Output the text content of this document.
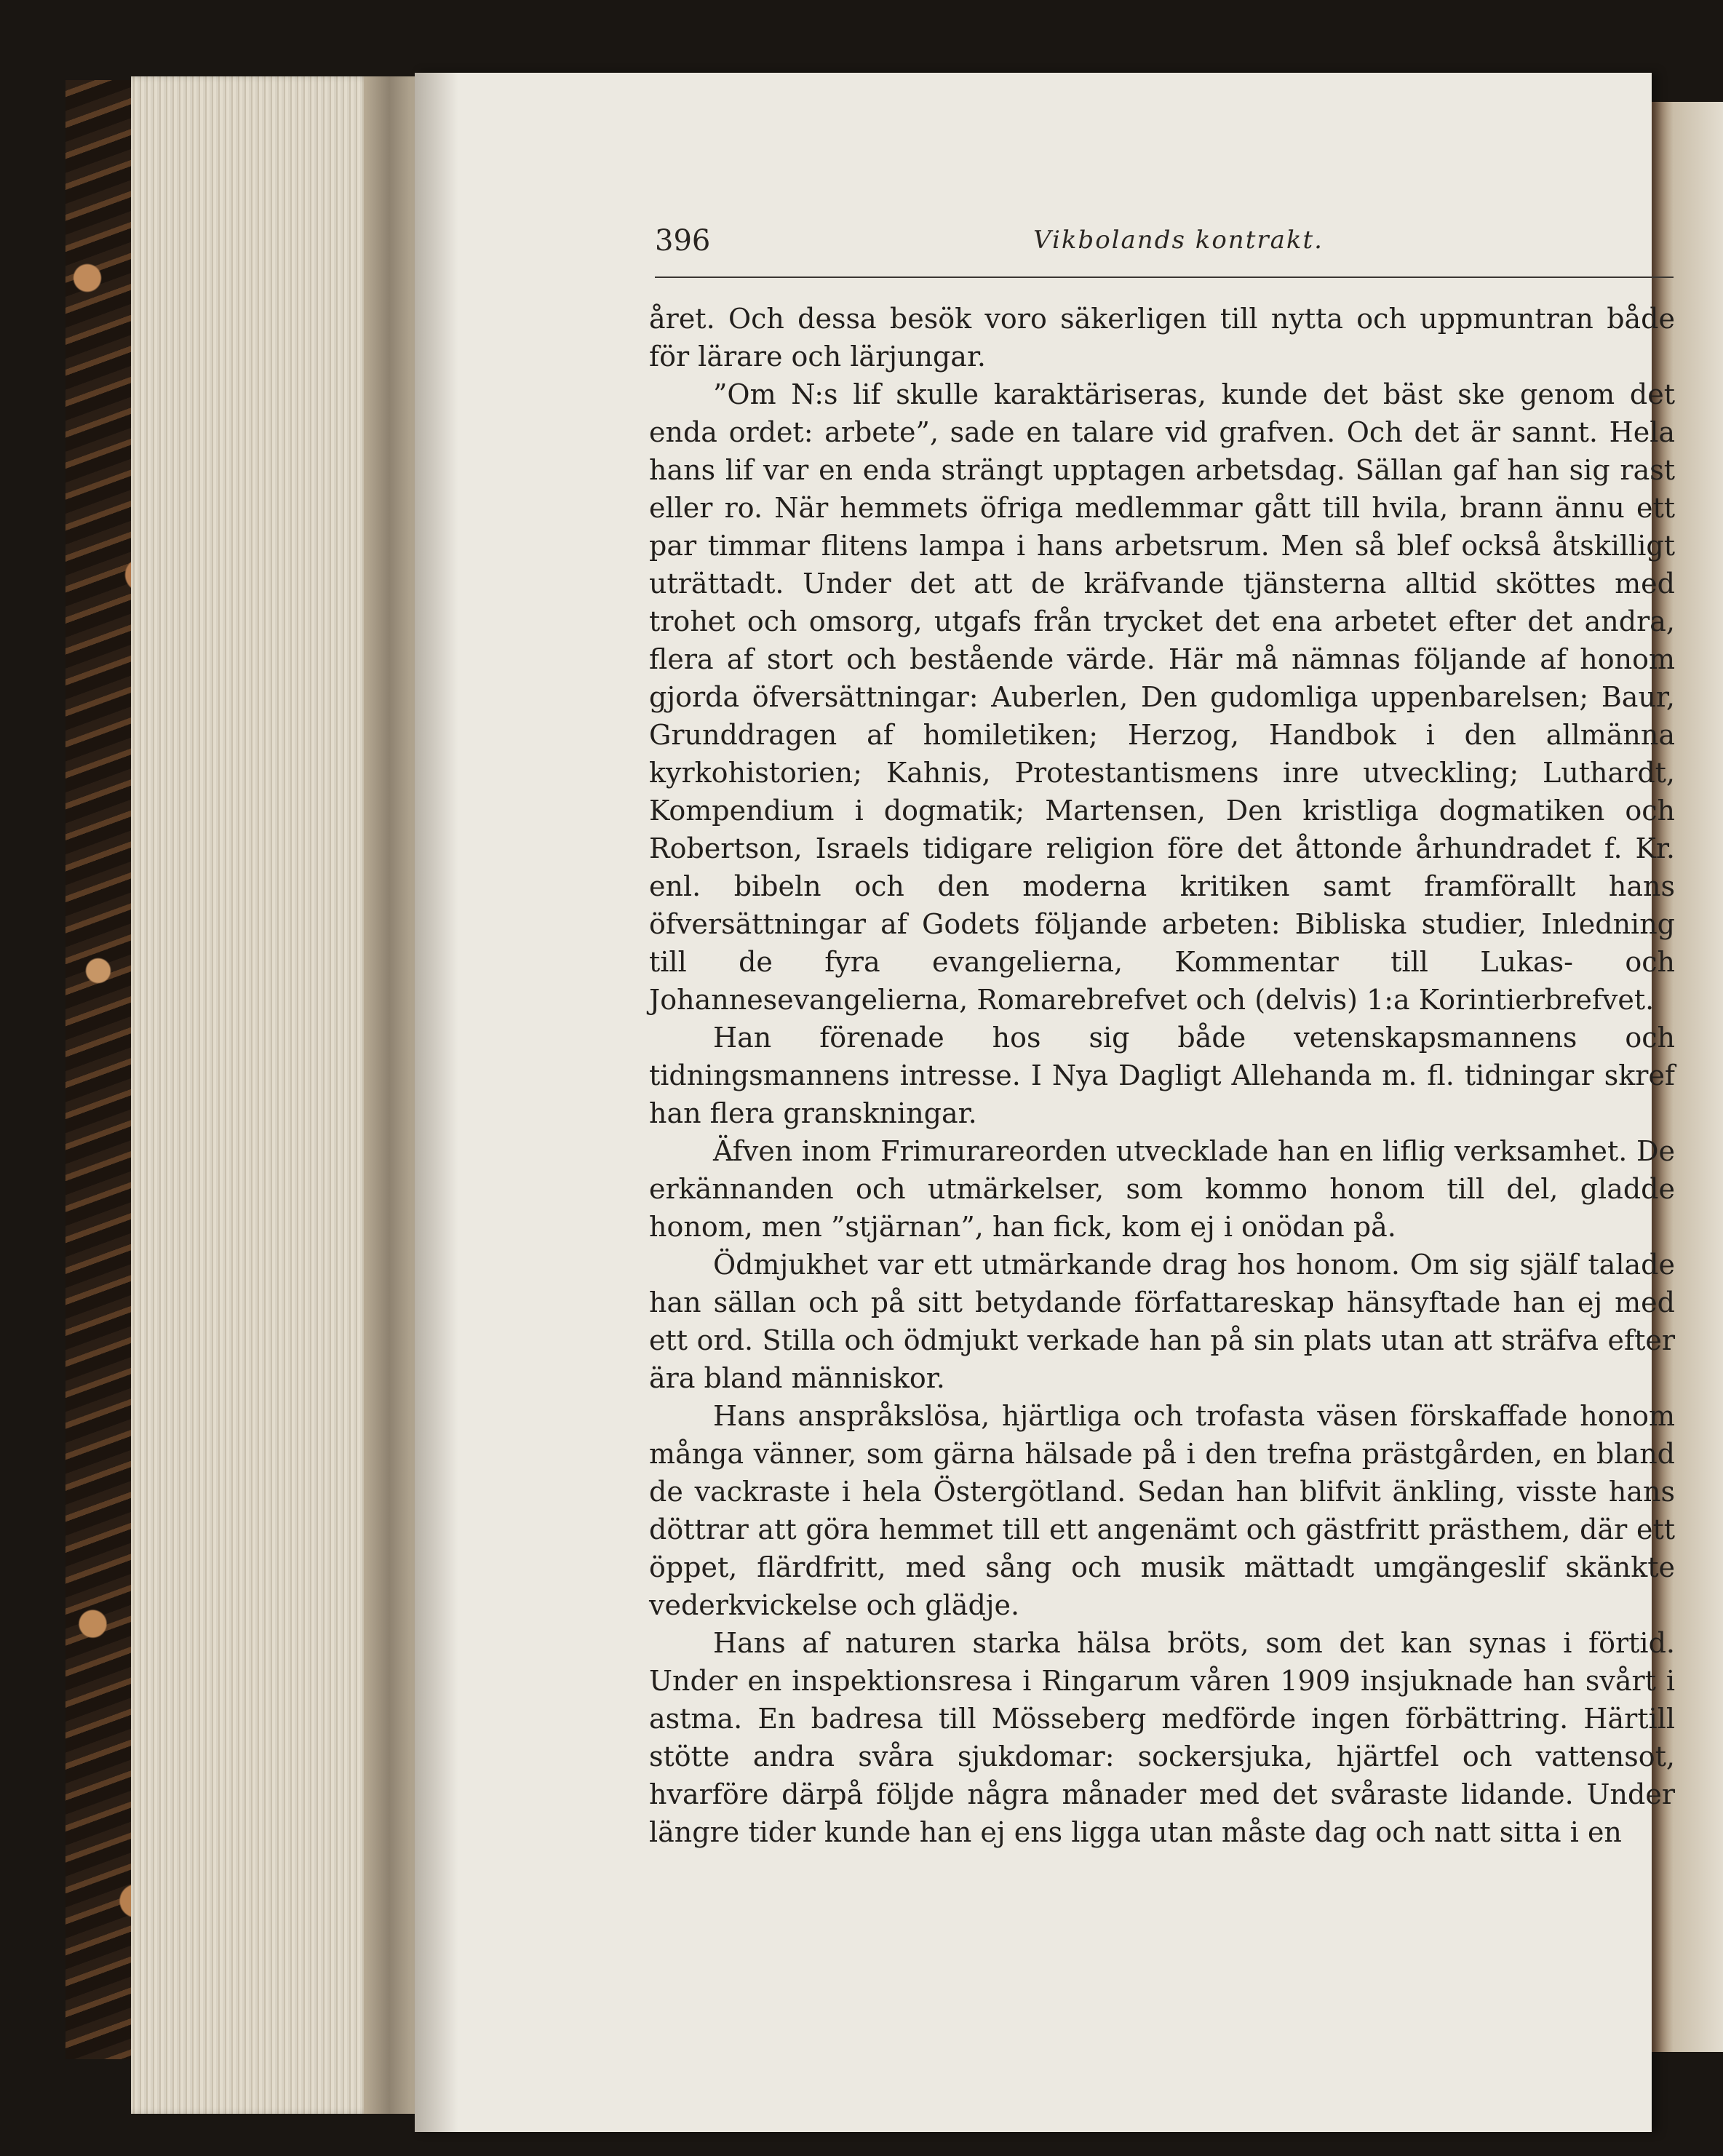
396	Vikbolands kontrakt.

året. Och dessa besök voro säkerligen till nytta och uppmuntran både för lärare och lärjungar.

”Om N:s lif skulle karaktäriseras, kunde det bäst ske genom det enda ordet: arbete”, sade en talare vid grafven. Och det är sannt. Hela hans lif var en enda strängt upptagen arbetsdag. Sällan gaf han sig rast eller ro. När hemmets öfriga medlemmar gått till hvila, brann ännu ett par timmar flitens lampa i hans arbetsrum. Men så blef också åtskilligt uträttadt. Under det att de kräfvande tjänsterna alltid sköttes med trohet och omsorg, utgafs från trycket det ena arbetet efter det andra, flera af stort och bestående värde. Här må nämnas följande af honom gjorda öfversättningar: Auberlen, Den gudomliga uppenbarelsen; Baur, Grunddragen af homiletiken; Herzog, Handbok i den allmänna kyrkohistorien; Kahnis, Protestantismens inre utveckling; Luthardt, Kompendium i dogmatik; Martensen, Den kristliga dogmatiken och Robertson, Israels tidigare religion före det åttonde århundradet f. Kr. enl. bibeln och den moderna kritiken samt framförallt hans öfversättningar af Godets följande arbeten: Bibliska studier, Inledning till de fyra evangelierna, Kommentar till Lukas- och Johannesevangelierna, Romarebrefvet och (delvis) 1:a Korintierbrefvet.

Han förenade hos sig både vetenskapsmannens och tidningsmannens intresse. I Nya Dagligt Allehanda m. fl. tidningar skref han flera granskningar.

Äfven inom Frimurareorden utvecklade han en liflig verksamhet. De erkännanden och utmärkelser, som kommo honom till del, gladde honom, men ”stjärnan”, han fick, kom ej i onödan på.

Ödmjukhet var ett utmärkande drag hos honom. Om sig själf talade han sällan och på sitt betydande författareskap hänsyftade han ej med ett ord. Stilla och ödmjukt verkade han på sin plats utan att sträfva efter ära bland människor.

Hans anspråkslösa, hjärtliga och trofasta väsen förskaffade honom många vänner, som gärna hälsade på i den trefna prästgården, en bland de vackraste i hela Östergötland. Sedan han blifvit änkling, visste hans döttrar att göra hemmet till ett angenämt och gästfritt prästhem, där ett öppet, flärdfritt, med sång och musik mättadt umgängeslif skänkte vederkvickelse och glädje.

Hans af naturen starka hälsa bröts, som det kan synas i förtid. Under en inspektionsresa i Ringarum våren 1909 insjuknade han svårt i astma. En badresa till Mösseberg medförde ingen förbättring. Härtill stötte andra svåra sjukdomar: sockersjuka, hjärtfel och vattensot, hvarföre därpå följde några månader med det svåraste lidande. Under längre tider kunde han ej ens ligga utan måste dag och natt sitta i en
